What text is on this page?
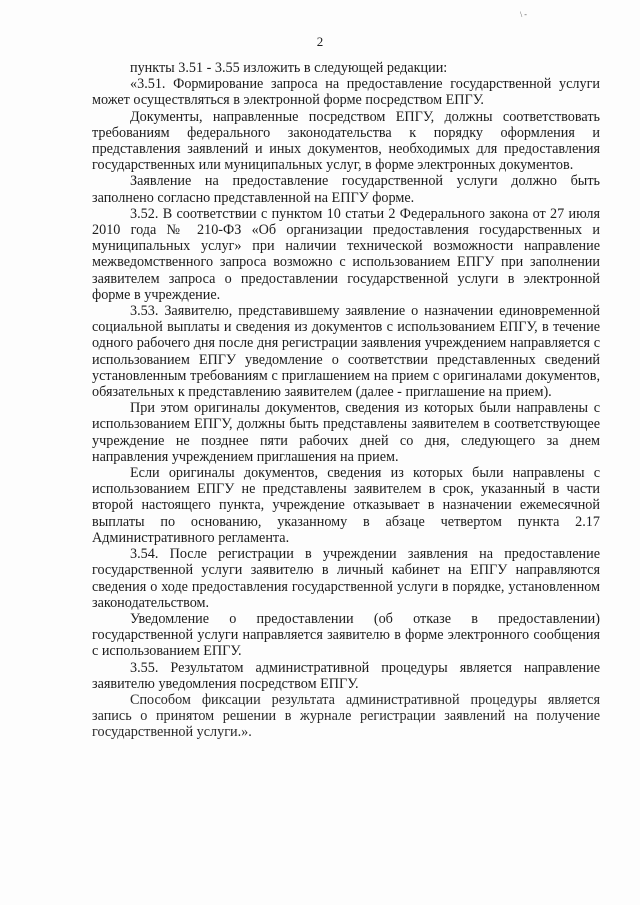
\ -
2

пункты 3.51 - 3.55 изложить в следующей редакции:

«3.51. Формирование запроса на предоставление государственной услуги может осуществляться в электронной форме посредством ЕПГУ.

Документы, направленные посредством ЕПГУ, должны соответствовать требованиям федерального законодательства к порядку оформления и представления заявлений и иных документов, необходимых для предоставления государственных или муниципальных услуг, в форме электронных документов.

Заявление на предоставление государственной услуги должно быть заполнено согласно представленной на ЕПГУ форме.

3.52. В соответствии с пунктом 10 статьи 2 Федерального закона от 27 июля 2010 года № 210-ФЗ «Об организации предоставления государственных и муниципальных услуг» при наличии технической возможности направление межведомственного запроса возможно с использованием ЕПГУ при заполнении заявителем запроса о предоставлении государственной услуги в электронной форме в учреждение.

3.53. Заявителю, представившему заявление о назначении единовременной социальной выплаты и сведения из документов с использованием ЕПГУ, в течение одного рабочего дня после дня регистрации заявления учреждением направляется с использованием ЕПГУ уведомление о соответствии представленных сведений установленным требованиям с приглашением на прием с оригиналами документов, обязательных к представлению заявителем (далее - приглашение на прием).

При этом оригиналы документов, сведения из которых были направлены с использованием ЕПГУ, должны быть представлены заявителем в соответствующее учреждение не позднее пяти рабочих дней со дня, следующего за днем направления учреждением приглашения на прием.

Если оригиналы документов, сведения из которых были направлены с использованием ЕПГУ не представлены заявителем в срок, указанный в части второй настоящего пункта, учреждение отказывает в назначении ежемесячной выплаты по основанию, указанному в абзаце четвертом пункта 2.17 Административного регламента.

3.54. После регистрации в учреждении заявления на предоставление государственной услуги заявителю в личный кабинет на ЕПГУ направляются сведения о ходе предоставления государственной услуги в порядке, установленном законодательством.

Уведомление о предоставлении (об отказе в предоставлении) государственной услуги направляется заявителю в форме электронного сообщения с использованием ЕПГУ.

3.55. Результатом административной процедуры является направление заявителю уведомления посредством ЕПГУ.

Способом фиксации результата административной процедуры является запись о принятом решении в журнале регистрации заявлений на получение государственной услуги.».
